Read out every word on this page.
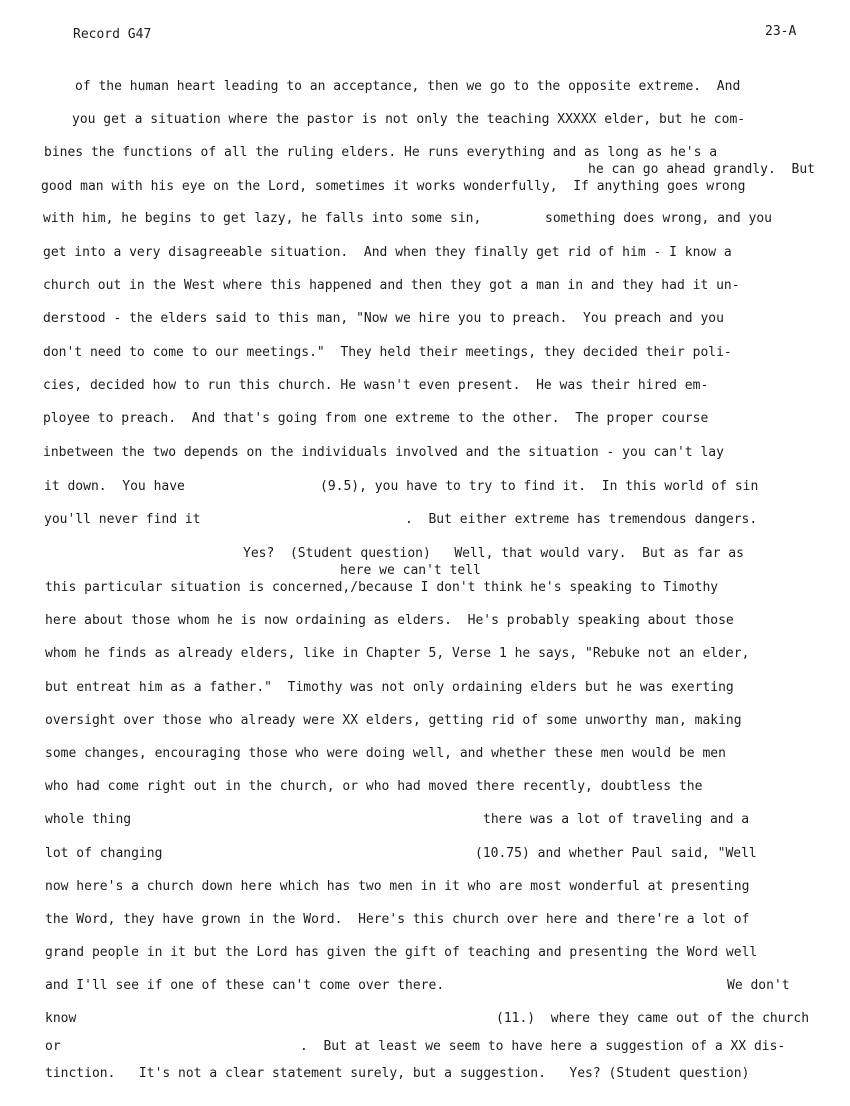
Record G47	23-A
of the human heart leading to an acceptance, then we go to the opposite extreme.  And
you get a situation where the pastor is not only the teaching XXXXX elder, but he com-
bines the functions of all the ruling elders. He runs everything and as long as he's a
he can go ahead grandly.  But
good man with his eye on the Lord, sometimes it works wonderfully,  If anything goes wrong
with him, he begins to get lazy, he falls into some sin,	something does wrong, and you
get into a very disagreeable situation.  And when they finally get rid of him - I know a
church out in the West where this happened and then they got a man in and they had it un-
derstood - the elders said to this man, "Now we hire you to preach.  You preach and you
don't need to come to our meetings."  They held their meetings, they decided their poli-
cies, decided how to run this church. He wasn't even present.  He was their hired em-
ployee to preach.  And that's going from one extreme to the other.  The proper course
inbetween the two depends on the individuals involved and the situation - you can't lay
it down.  You have	(9.5), you have to try to find it.  In this world of sin
you'll never find it	.  But either extreme has tremendous dangers.
Yes?  (Student question)   Well, that would vary.  But as far as
here we can't tell
this particular situation is concerned,/because I don't think he's speaking to Timothy
here about those whom he is now ordaining as elders.  He's probably speaking about those
whom he finds as already elders, like in Chapter 5, Verse 1 he says, "Rebuke not an elder,
but entreat him as a father."  Timothy was not only ordaining elders but he was exerting
oversight over those who already were XX elders, getting rid of some unworthy man, making
some changes, encouraging those who were doing well, and whether these men would be men
who had come right out in the church, or who had moved there recently, doubtless the
whole thing	there was a lot of traveling and a
lot of changing	(10.75) and whether Paul said, "Well
now here's a church down here which has two men in it who are most wonderful at presenting
the Word, they have grown in the Word.  Here's this church over here and there're a lot of
grand people in it but the Lord has given the gift of teaching and presenting the Word well
and I'll see if one of these can't come over there.	We don't
know	(11.)  where they came out of the church
or	.  But at least we seem to have here a suggestion of a XX dis-
tinction.   It's not a clear statement surely, but a suggestion.   Yes? (Student question)
